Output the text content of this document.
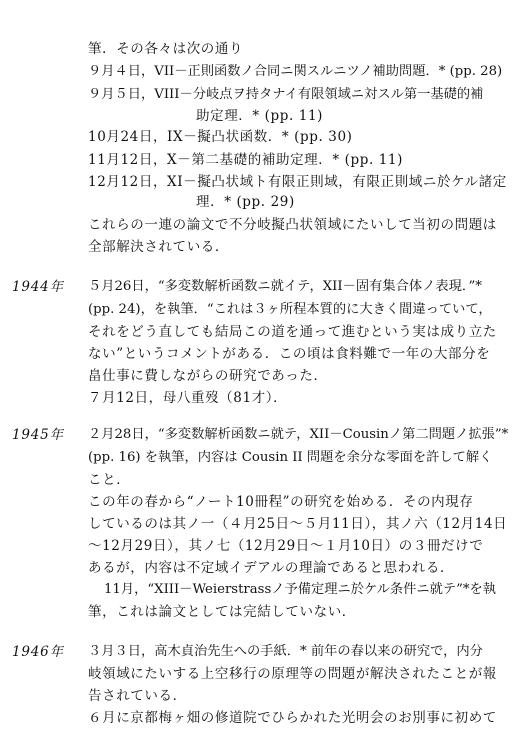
筆．その各々は次の通り
９月４日，VII－正則函数ノ合同ニ関スルニツノ補助問題．* (pp. 28)
９月５日，VIII－分岐点ヲ持タナイ有限領域ニ対スル第一基礎的補
助定理．* (pp. 11)
10月24日，IX－擬凸状函数．* (pp. 30)
11月12日，X－第二基礎的補助定理．* (pp. 11)
12月12日，XI－擬凸状域ト有限正則域，有限正則域ニ於ケル諸定
理．* (pp. 29)
これらの一連の論文で不分岐擬凸状領域にたいして当初の問題は
全部解決されている．
1944年 ５月26日，“多変数解析函数ニ就イテ，XII－固有集合体ノ表現．”*
(pp. 24)，を執筆．“これは３ヶ所程本質的に大きく間違っていて，
それをどう直しても結局この道を通って進むという実は成り立た
ない”というコメントがある．この頃は食料難で一年の大部分を
畠仕事に費しながらの研究であった．
７月12日，母八重歿（81才）．
1945年 ２月28日，“多変数解析函数ニ就テ，XII－Cousinノ第二問題ノ拡張”*
(pp. 16) を執筆，内容は Cousin II 問題を余分な零面を許して解く
こと．
この年の春から“ノート10冊程”の研究を始める．その内現存
しているのは其ノ一（４月25日～５月11日），其ノ六（12月14日
～12月29日），其ノ七（12月29日～１月10日）の３冊だけで
あるが，内容は不定域イデアルの理論であると思われる．
11月，“XIII－Weierstrassノ予備定理ニ於ケル条件ニ就テ”*を執
筆，これは論文としては完結していない．
1946年 ３月３日，高木貞治先生への手紙．* 前年の春以来の研究で，内分
岐領域にたいする上空移行の原理等の問題が解決されたことが報
告されている．
６月に京都梅ヶ畑の修道院でひらかれた光明会のお別事に初めて
